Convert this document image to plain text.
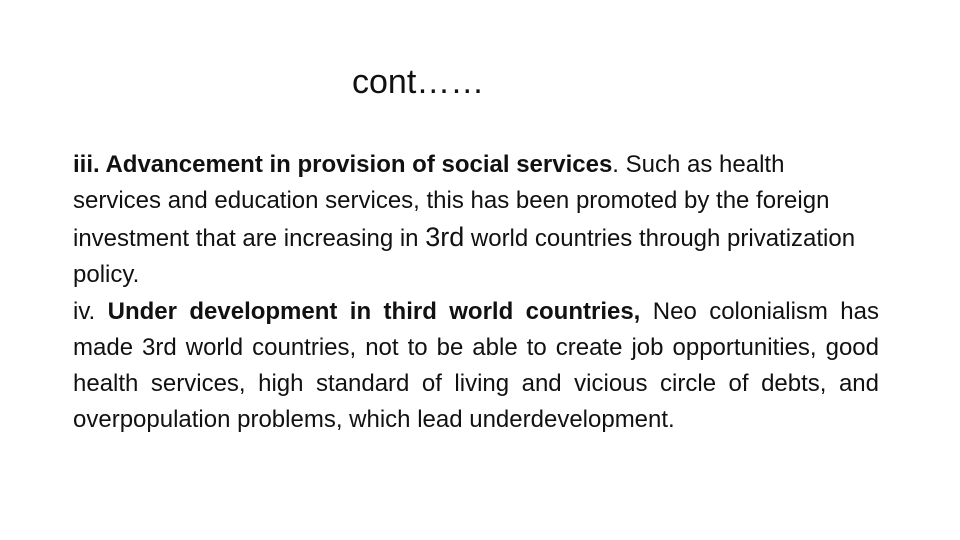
cont……

iii. Advancement in provision of social services. Such as health services and education services, this has been promoted by the foreign investment that are increasing in 3rd world countries through privatization policy.

iv. Under development in third world countries, Neo colonialism has made 3rd world countries, not to be able to create job opportunities, good health services, high standard of living and vicious circle of debts, and overpopulation problems, which lead underdevelopment.
